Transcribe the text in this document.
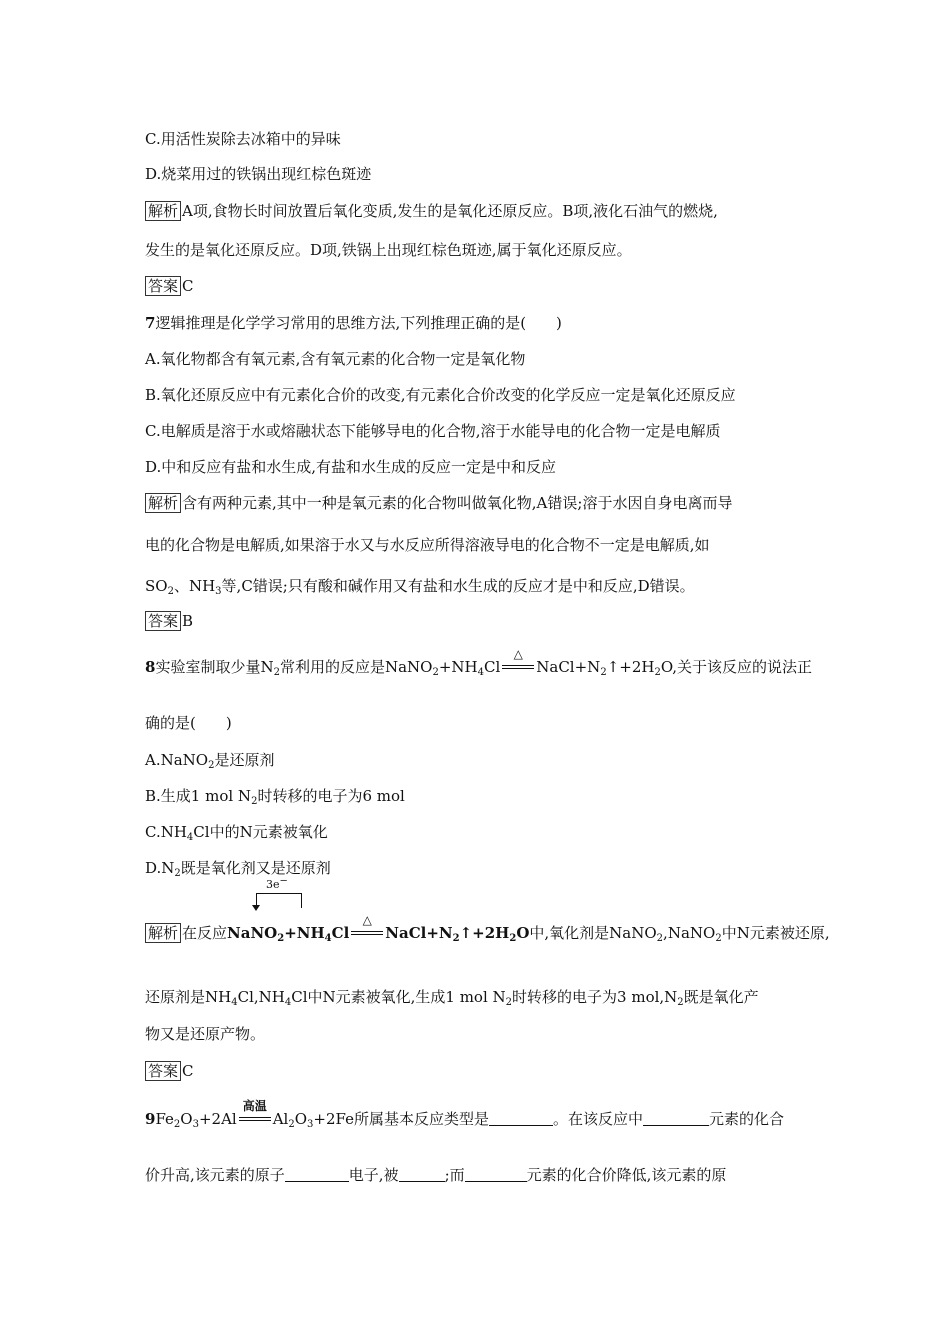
C.用活性炭除去冰箱中的异味
D.烧菜用过的铁锅出现红棕色斑迹
解析 A项,食物长时间放置后氧化变质,发生的是氧化还原反应。B项,液化石油气的燃烧,
发生的是氧化还原反应。D项,铁锅上出现红棕色斑迹,属于氧化还原反应。
答案 C
7逻辑推理是化学学习常用的思维方法,下列推理正确的是(　　)
A.氧化物都含有氧元素,含有氧元素的化合物一定是氧化物
B.氧化还原反应中有元素化合价的改变,有元素化合价改变的化学反应一定是氧化还原反应
C.电解质是溶于水或熔融状态下能够导电的化合物,溶于水能导电的化合物一定是电解质
D.中和反应有盐和水生成,有盐和水生成的反应一定是中和反应
解析 含有两种元素,其中一种是氧元素的化合物叫做氧化物,A错误;溶于水因自身电离而导
电的化合物是电解质,如果溶于水又与水反应所得溶液导电的化合物不一定是电解质,如
$SO_2$、$NH_3$等,C错误;只有酸和碱作用又有盐和水生成的反应才是中和反应,D错误。
答案 B
8实验室制取少量$N_2$常利用的反应是$NaNO_2+NH_4Cl$
△
$NaCl+N_2↑+2H_2O$,关于该反应的说法正
确的是(　　)
A.NaNO$_2$是还原剂
B.生成1 mol $N_2$时转移的电子为6 mol
$C.NH_4Cl$中的N元素被氧化
$D.N_2$既是氧化剂又是还原剂
3e−
解析 在反应$NaNO_2+NH_4Cl$
△
$NaCl+N_2↑+2H_2O$中,氧化剂是NaNO$_2$,NaNO$_2$中N元素被还原,
还原剂是$NH_4Cl,NH_4Cl$中N元素被氧化,生成1 mol $N_2$时转移的电子为3 $mol,N_2$既是氧化产
物又是还原产物。
答案 C
$9Fe_2O_3+2Al$
高温
$Al_2O_3+2Fe$所属基本反应类型是	。在该反应中	元素的化合
价升高,该元素的原子	电子,被	;而	元素的化合价降低,该元素的原
